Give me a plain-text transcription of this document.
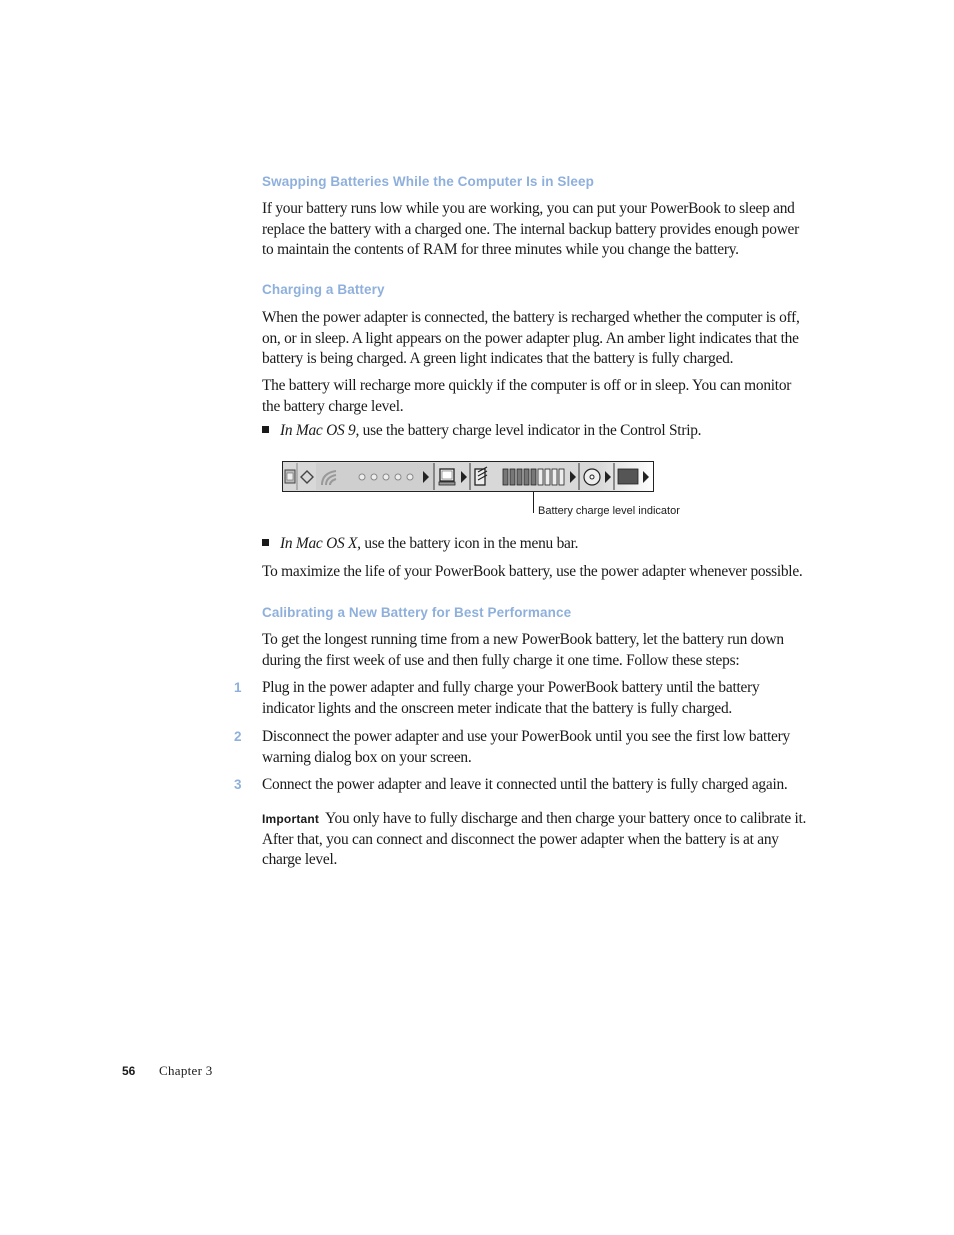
Swapping Batteries While the Computer Is in Sleep

If your battery runs low while you are working, you can put your PowerBook to sleep and replace the battery with a charged one. The internal backup battery provides enough power to maintain the contents of RAM for three minutes while you change the battery.

Charging a Battery

When the power adapter is connected, the battery is recharged whether the computer is off, on, or in sleep. A light appears on the power adapter plug. An amber light indicates that the battery is being charged. A green light indicates that the battery is fully charged.

The battery will recharge more quickly if the computer is off or in sleep. You can monitor the battery charge level.

In Mac OS 9, use the battery charge level indicator in the Control Strip.
Battery charge level indicator
In Mac OS X, use the battery icon in the menu bar.

To maximize the life of your PowerBook battery, use the power adapter whenever possible.

Calibrating a New Battery for Best Performance

To get the longest running time from a new PowerBook battery, let the battery run down during the first week of use and then fully charge it one time. Follow these steps:

1 Plug in the power adapter and fully charge your PowerBook battery until the battery indicator lights and the onscreen meter indicate that the battery is fully charged.

2 Disconnect the power adapter and use your PowerBook until you see the first low battery warning dialog box on your screen.

3 Connect the power adapter and leave it connected until the battery is fully charged again.

Important You only have to fully discharge and then charge your battery once to calibrate it. After that, you can connect and disconnect the power adapter when the battery is at any charge level.

56 Chapter 3
